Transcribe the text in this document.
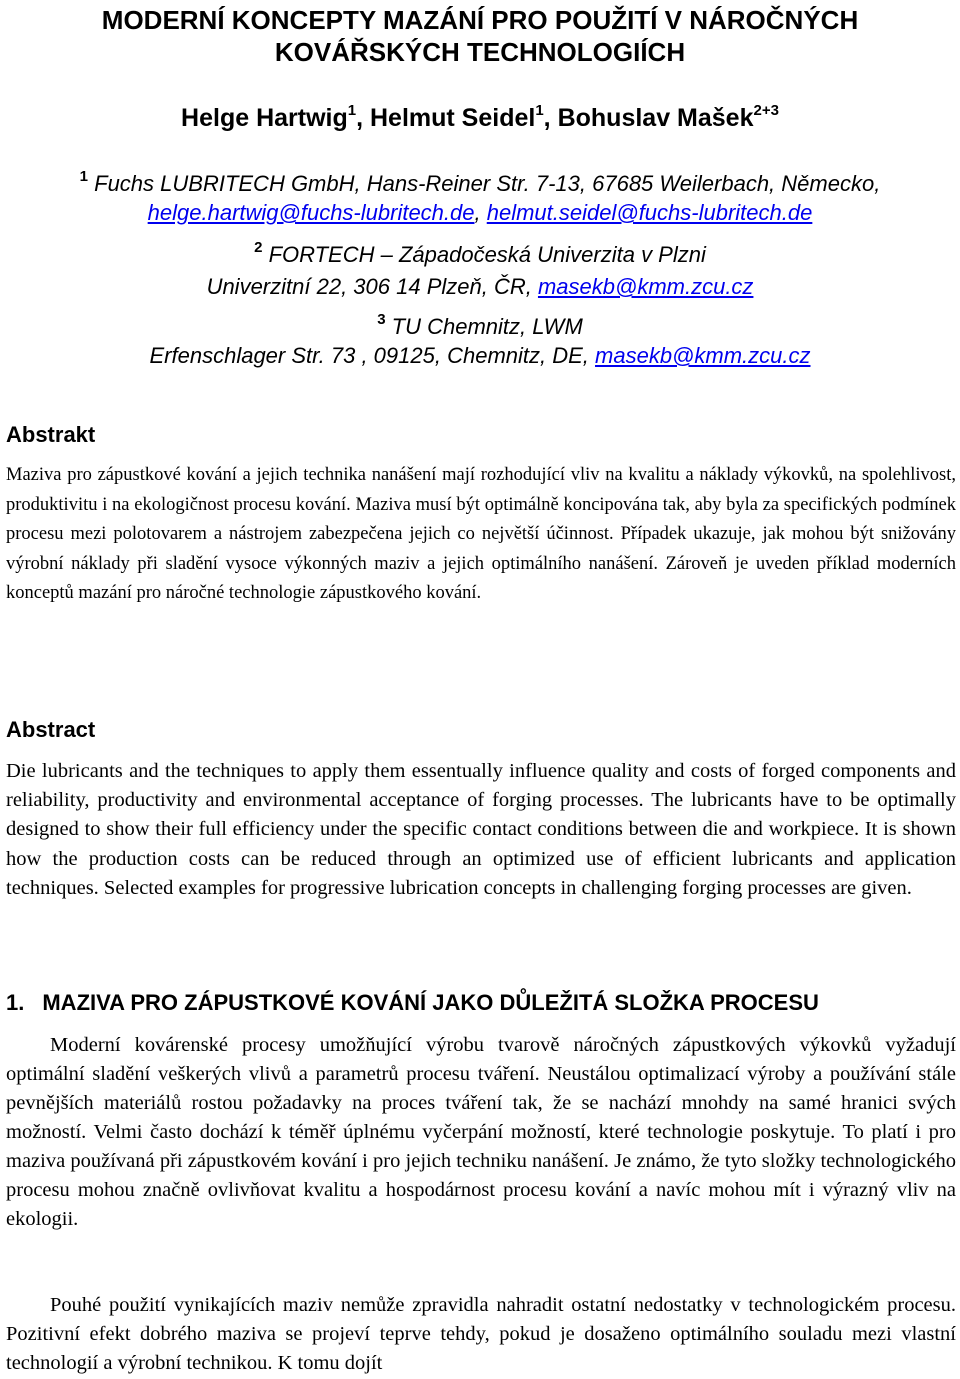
MODERNÍ KONCEPTY MAZÁNÍ PRO POUŽITÍ V NÁROČNÝCH
KOVÁŘSKÝCH TECHNOLOGIÍCH
Helge Hartwig$^1$, Helmut Seidel$^1$, Bohuslav Mašek$^{2+3}$
$^1$ Fuchs LUBRITECH GmbH, Hans-Reiner Str. 7-13, 67685 Weilerbach, Německo,
helge.hartwig@fuchs-lubritech.de, helmut.seidel@fuchs-lubritech.de
$^2$ FORTECH – Západočeská Univerzita v Plzni
Univerzitní 22, 306 14 Plzeň, ČR, masekb@kmm.zcu.cz
$^3$ TU Chemnitz, LWM
Erfenschlager Str. 73 , 09125, Chemnitz, DE, masekb@kmm.zcu.cz
Abstrakt

Maziva pro zápustkové kování a jejich technika nanášení mají rozhodující vliv na kvalitu a náklady výkovků, na spolehlivost, produktivitu i na ekologičnost procesu kování. Maziva musí být optimálně koncipována tak, aby byla za specifických podmínek procesu mezi polotovarem a nástrojem zabezpečena jejich co největší účinnost. Případek ukazuje, jak mohou být snižovány výrobní náklady při sladění vysoce výkonných maziv a jejich optimálního nanášení. Zároveň je uveden příklad moderních konceptů mazání pro náročné technologie zápustkového kování.

Abstract

Die lubricants and the techniques to apply them essentually influence quality and costs of forged components and reliability, productivity and environmental acceptance of forging processes. The lubricants have to be optimally designed to show their full efficiency under the specific contact conditions between die and workpiece. It is shown how the production costs can be reduced through an optimized use of efficient lubricants and application techniques. Selected examples for progressive lubrication concepts in challenging forging processes are given.

1. MAZIVA PRO ZÁPUSTKOVÉ KOVÁNÍ JAKO DŮLEŽITÁ SLOŽKA PROCESU

Moderní kovárenské procesy umožňující výrobu tvarově náročných zápustkových výkovků vyžadují optimální sladění veškerých vlivů a parametrů procesu tváření. Neustálou optimalizací výroby a používání stále pevnějších materiálů rostou požadavky na proces tváření tak, že se nachází mnohdy na samé hranici svých možností. Velmi často dochází k téměř úplnému vyčerpání možností, které technologie poskytuje. To platí i pro maziva používaná při zápustkovém kování i pro jejich techniku nanášení. Je známo, že tyto složky technologického procesu mohou značně ovlivňovat kvalitu a hospodárnost procesu kování a navíc mohou mít i výrazný vliv na ekologii.

Pouhé použití vynikajících maziv nemůže zpravidla nahradit ostatní nedostatky v technologickém procesu. Pozitivní efekt dobrého maziva se projeví teprve tehdy, pokud je dosaženo optimálního souladu mezi vlastní technologií a výrobní technikou. K tomu dojít
